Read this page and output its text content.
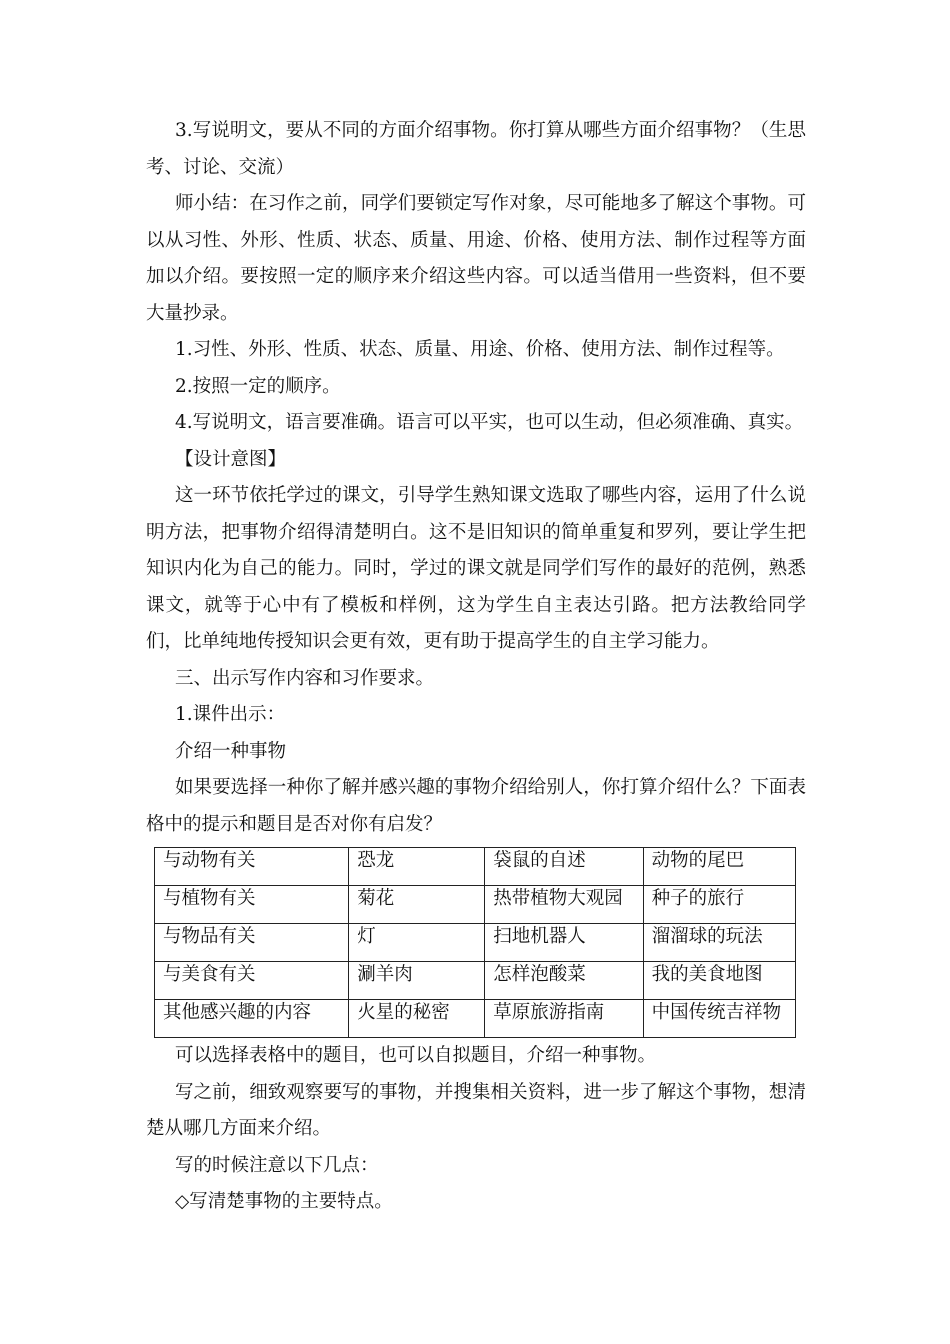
3.写说明文，要从不同的方面介绍事物。你打算从哪些方面介绍事物？（生思考、讨论、交流）

师小结：在习作之前，同学们要锁定写作对象，尽可能地多了解这个事物。可以从习性、外形、性质、状态、质量、用途、价格、使用方法、制作过程等方面加以介绍。要按照一定的顺序来介绍这些内容。可以适当借用一些资料，但不要大量抄录。

1.习性、外形、性质、状态、质量、用途、价格、使用方法、制作过程等。

2.按照一定的顺序。

4.写说明文，语言要准确。语言可以平实，也可以生动，但必须准确、真实。

【设计意图】

这一环节依托学过的课文，引导学生熟知课文选取了哪些内容，运用了什么说明方法，把事物介绍得清楚明白。这不是旧知识的简单重复和罗列，要让学生把知识内化为自己的能力。同时，学过的课文就是同学们写作的最好的范例，熟悉课文，就等于心中有了模板和样例，这为学生自主表达引路。把方法教给同学们，比单纯地传授知识会更有效，更有助于提高学生的自主学习能力。

三、出示写作内容和习作要求。

1.课件出示：

介绍一种事物

如果要选择一种你了解并感兴趣的事物介绍给别人，你打算介绍什么？下面表格中的提示和题目是否对你有启发？

与动物有关	恐龙	袋鼠的自述	动物的尾巴
与植物有关	菊花	热带植物大观园	种子的旅行
与物品有关	灯	扫地机器人	溜溜球的玩法
与美食有关	涮羊肉	怎样泡酸菜	我的美食地图
其他感兴趣的内容	火星的秘密	草原旅游指南	中国传统吉祥物

可以选择表格中的题目，也可以自拟题目，介绍一种事物。

写之前，细致观察要写的事物，并搜集相关资料，进一步了解这个事物，想清楚从哪几方面来介绍。

写的时候注意以下几点：

◇写清楚事物的主要特点。
